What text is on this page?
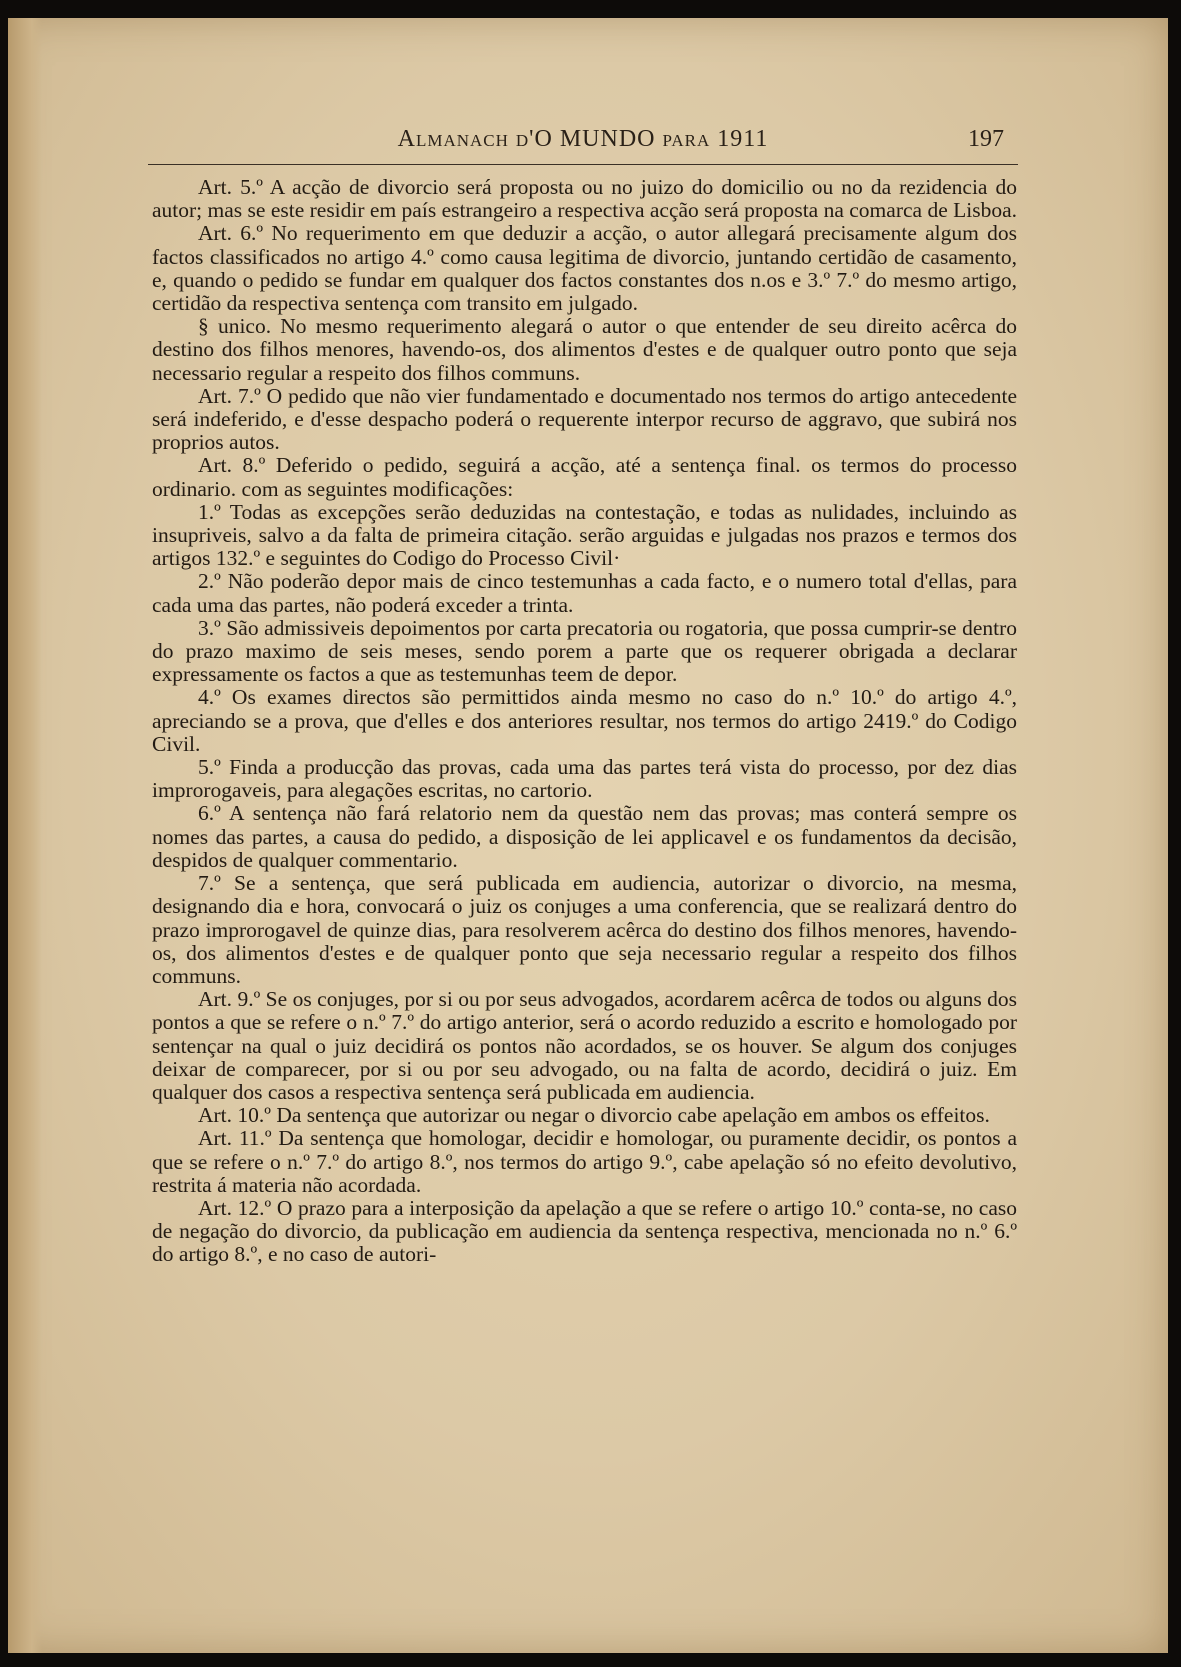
Almanach d'O MUNDO para 1911	197

Art. 5.º A acção de divorcio será proposta ou no juizo do domicilio ou no da rezidencia do autor; mas se este residir em país estrangeiro a respectiva acção será proposta na comarca de Lisboa.

Art. 6.º No requerimento em que deduzir a acção, o autor allegará precisamente algum dos factos classificados no artigo 4.º como causa legitima de divorcio, juntando certidão de casamento, e, quando o pedido se fundar em qualquer dos factos constantes dos n.os e 3.º 7.º do mesmo artigo, certidão da respectiva sentença com transito em julgado.

§ unico. No mesmo requerimento alegará o autor o que entender de seu direito acêrca do destino dos filhos menores, havendo-os, dos alimentos d'estes e de qualquer outro ponto que seja necessario regular a respeito dos filhos communs.

Art. 7.º O pedido que não vier fundamentado e documentado nos termos do artigo antecedente será indeferido, e d'esse despacho poderá o requerente interpor recurso de aggravo, que subirá nos proprios autos.

Art. 8.º Deferido o pedido, seguirá a acção, até a sentença final. os termos do processo ordinario. com as seguintes modificações:

1.º Todas as excepções serão deduzidas na contestação, e todas as nulidades, incluindo as insupriveis, salvo a da falta de primeira citação. serão arguidas e julgadas nos prazos e termos dos artigos 132.º e seguintes do Codigo do Processo Civil·

2.º Não poderão depor mais de cinco testemunhas a cada facto, e o numero total d'ellas, para cada uma das partes, não poderá exceder a trinta.

3.º São admissiveis depoimentos por carta precatoria ou rogatoria, que possa cumprir-se dentro do prazo maximo de seis meses, sendo porem a parte que os requerer obrigada a declarar expressamente os factos a que as testemunhas teem de depor.

4.º Os exames directos são permittidos ainda mesmo no caso do n.º 10.º do artigo 4.º, apreciando se a prova, que d'elles e dos anteriores resultar, nos termos do artigo 2419.º do Codigo Civil.

5.º Finda a producção das provas, cada uma das partes terá vista do processo, por dez dias improrogaveis, para alegações escritas, no cartorio.

6.º A sentença não fará relatorio nem da questão nem das provas; mas conterá sempre os nomes das partes, a causa do pedido, a disposição de lei applicavel e os fundamentos da decisão, despidos de qualquer commentario.

7.º Se a sentença, que será publicada em audiencia, autorizar o divorcio, na mesma, designando dia e hora, convocará o juiz os conjuges a uma conferencia, que se realizará dentro do prazo improrogavel de quinze dias, para resolverem acêrca do destino dos filhos menores, havendo-os, dos alimentos d'estes e de qualquer ponto que seja necessario regular a respeito dos filhos communs.

Art. 9.º Se os conjuges, por si ou por seus advogados, acordarem acêrca de todos ou alguns dos pontos a que se refere o n.º 7.º do artigo anterior, será o acordo reduzido a escrito e homologado por sentençar na qual o juiz decidirá os pontos não acordados, se os houver. Se algum dos conjuges deixar de comparecer, por si ou por seu advogado, ou na falta de acordo, decidirá o juiz. Em qualquer dos casos a respectiva sentença será publicada em audiencia.

Art. 10.º Da sentença que autorizar ou negar o divorcio cabe apelação em ambos os effeitos.

Art. 11.º Da sentença que homologar, decidir e homologar, ou puramente decidir, os pontos a que se refere o n.º 7.º do artigo 8.º, nos termos do artigo 9.º, cabe apelação só no efeito devolutivo, restrita á materia não acordada.

Art. 12.º O prazo para a interposição da apelação a que se refere o artigo 10.º conta-se, no caso de negação do divorcio, da publicação em audiencia da sentença respectiva, mencionada no n.º 6.º do artigo 8.º, e no caso de autori-
